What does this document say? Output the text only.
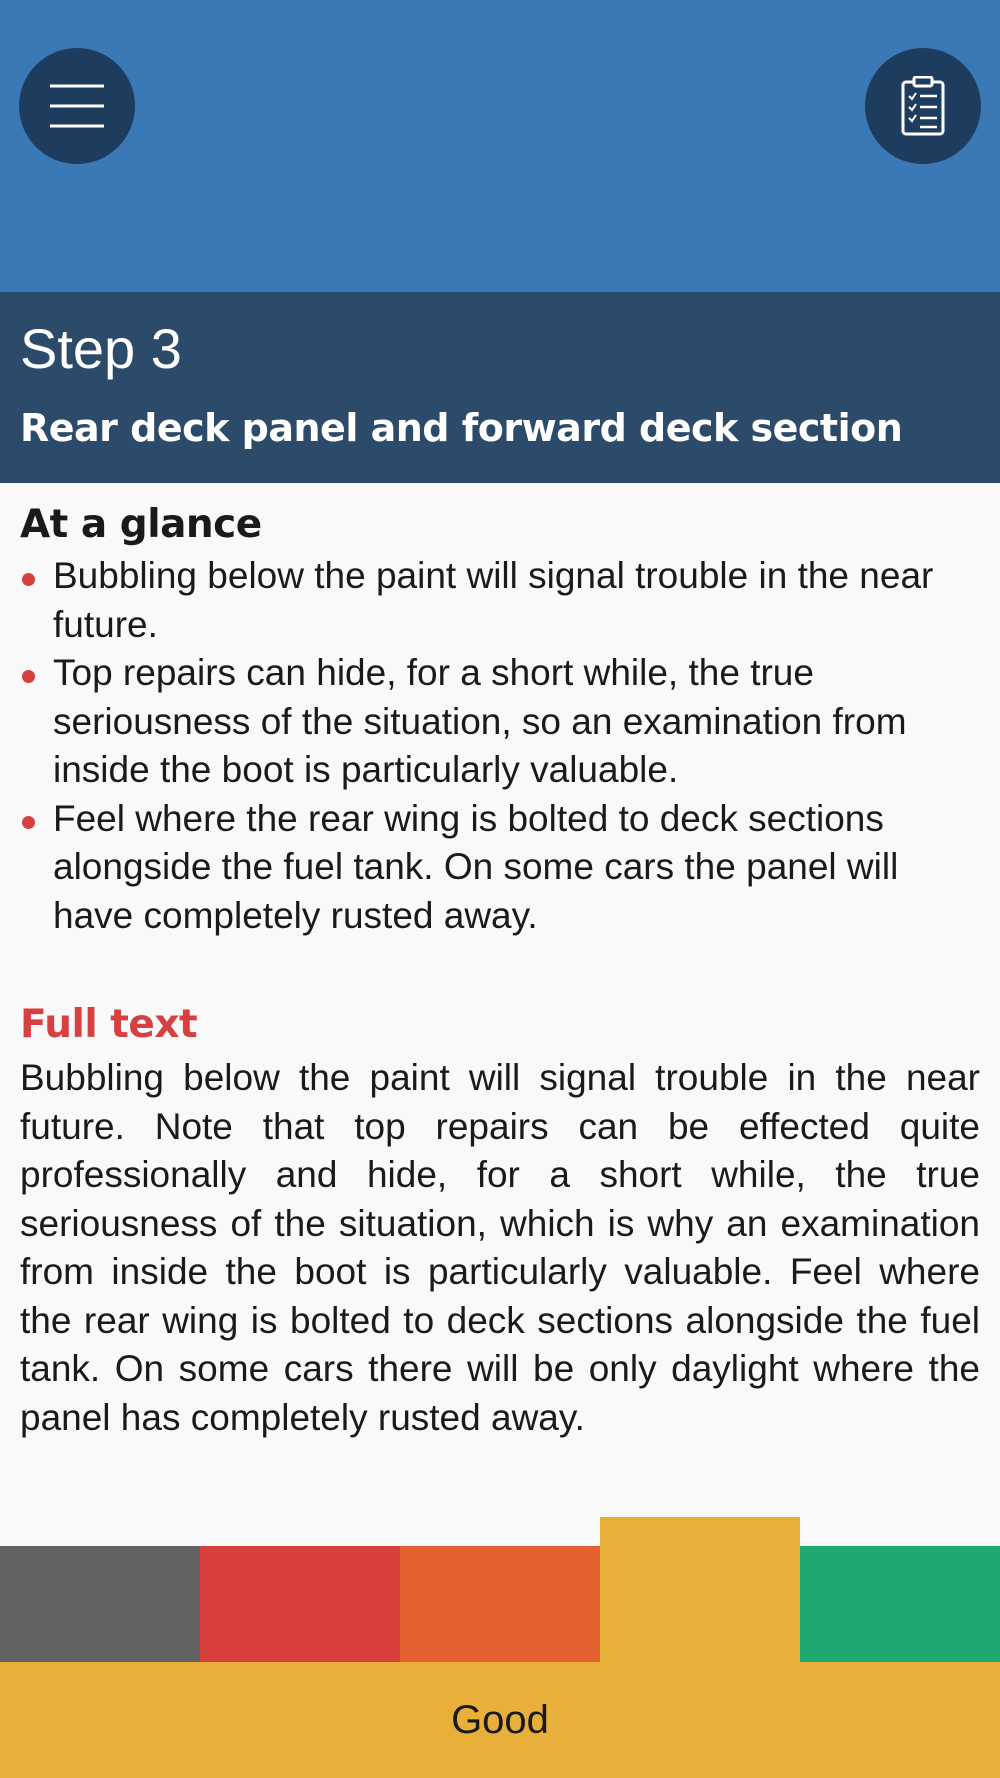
Step 3
Rear deck panel and forward deck section
At a glance
Bubbling below the paint will signal trouble in the near future.
Top repairs can hide, for a short while, the true seriousness of the situation, so an examination from inside the boot is particularly valuable.
Feel where the rear wing is bolted to deck sections alongside the fuel tank. On some cars the panel will have completely rusted away.
Full text

Bubbling below the paint will signal trouble in the near future. Note that top repairs can be effected quite professionally and hide, for a short while, the true seriousness of the situation, which is why an examination from inside the boot is particularly valuable. Feel where the rear wing is bolted to deck sections alongside the fuel tank. On some cars there will be only daylight where the panel has completely rusted away.

Good
